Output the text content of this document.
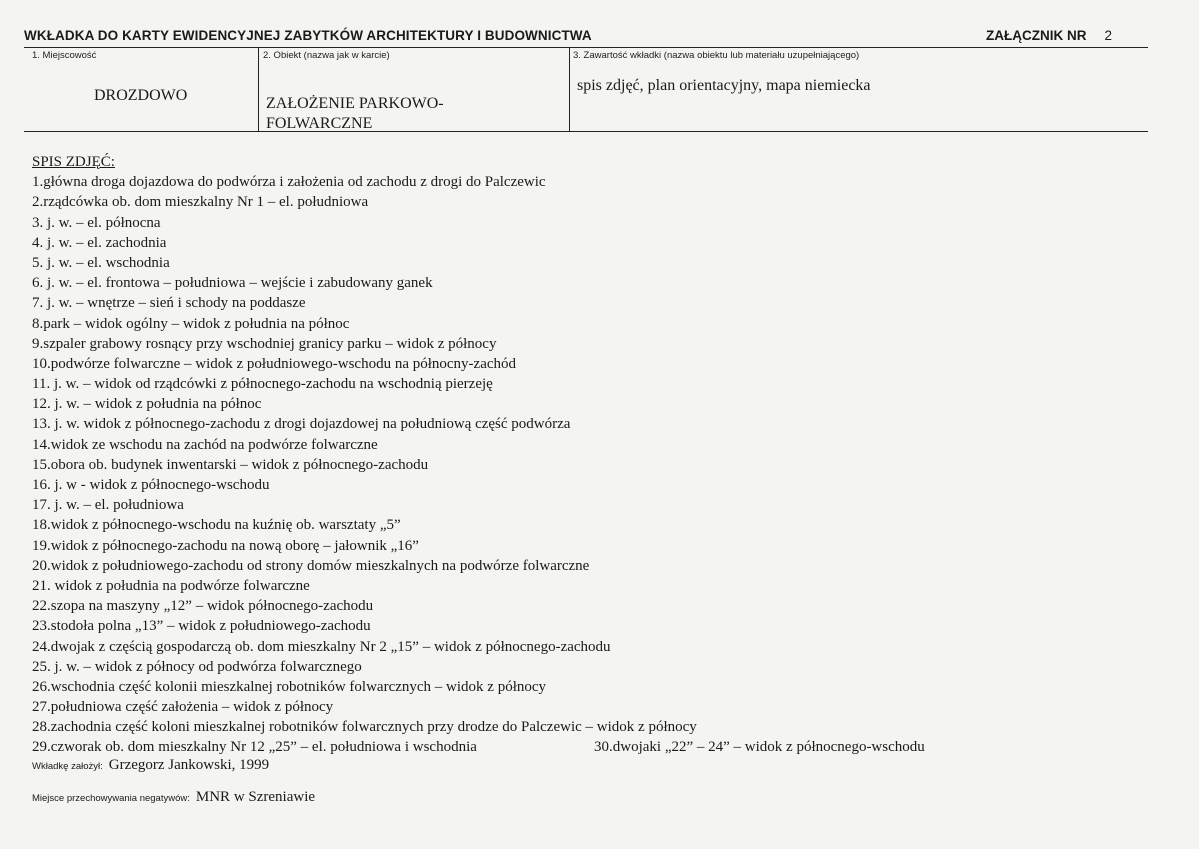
WKŁADKA DO KARTY EWIDENCYJNEJ ZABYTKÓW ARCHITEKTURY I BUDOWNICTWA	ZAŁĄCZNIK NR 2
1. Miejscowość
DROZDOWO
2. Obiekt (nazwa jak w karcie)
ZAŁOŻENIE PARKOWO-
FOLWARCZNE
3. Zawartość wkładki (nazwa obiektu lub materiału uzupełniającego)
spis zdjęć, plan orientacyjny, mapa niemiecka
SPIS ZDJĘĆ:
1.główna droga dojazdowa do podwórza i założenia od zachodu z drogi do Palczewic
2.rządcówka ob. dom mieszkalny Nr 1 – el. południowa
3. j. w. – el. północna
4. j. w. – el. zachodnia
5. j. w. – el. wschodnia
6. j. w. – el. frontowa – południowa – wejście i zabudowany ganek
7. j. w. – wnętrze – sień i schody na poddasze
8.park – widok ogólny – widok z południa na północ
9.szpaler grabowy rosnący przy wschodniej granicy parku – widok z północy
10.podwórze folwarczne – widok z południowego-wschodu na północny-zachód
11. j. w. – widok od rządcówki z północnego-zachodu na wschodnią pierzeję
12. j. w. – widok z południa na północ
13. j. w. widok z północnego-zachodu z drogi dojazdowej na południową część podwórza
14.widok ze wschodu na zachód na podwórze folwarczne
15.obora ob. budynek inwentarski – widok z północnego-zachodu
16. j. w - widok z północnego-wschodu
17. j. w. – el. południowa
18.widok z północnego-wschodu na kuźnię ob. warsztaty „5”
19.widok z północnego-zachodu na nową oborę – jałownik „16”
20.widok z południowego-zachodu od strony domów mieszkalnych na podwórze folwarczne
21. widok z południa na podwórze folwarczne
22.szopa na maszyny „12” – widok północnego-zachodu
23.stodoła polna „13” – widok z południowego-zachodu
24.dwojak z częścią gospodarczą ob. dom mieszkalny Nr 2 „15” – widok z północnego-zachodu
25. j. w. – widok z północy od podwórza folwarcznego
26.wschodnia część kolonii mieszkalnej robotników folwarcznych – widok z północy
27.południowa część założenia – widok z północy
28.zachodnia część koloni mieszkalnej robotników folwarcznych przy drodze do Palczewic – widok z północy
29.czworak ob. dom mieszkalny Nr 12 „25” – el. południowa i wschodnia	30.dwojaki „22” – 24” – widok z północnego-wschodu
Wkładkę założył: Grzegorz Jankowski, 1999
Miejsce przechowywania negatywów: MNR w Szreniawie
